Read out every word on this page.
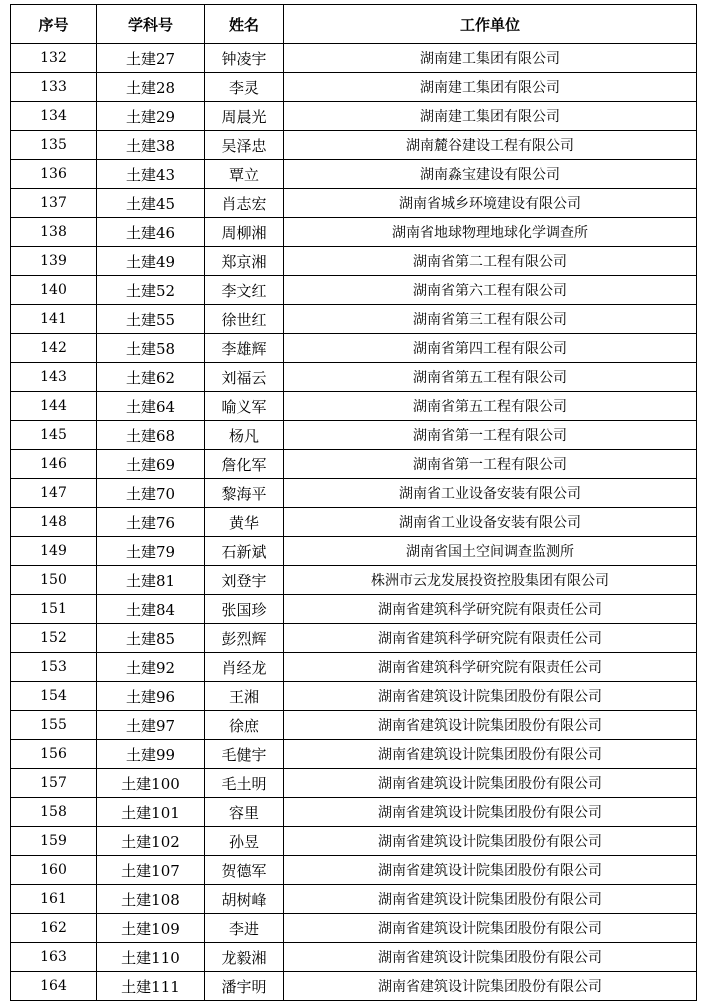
序号	学科号	姓名	工作单位
132	土建27	钟凌宇	湖南建工集团有限公司
133	土建28	李灵	湖南建工集团有限公司
134	土建29	周晨光	湖南建工集团有限公司
135	土建38	吴泽忠	湖南麓谷建设工程有限公司
136	土建43	覃立	湖南淼宝建设有限公司
137	土建45	肖志宏	湖南省城乡环境建设有限公司
138	土建46	周柳湘	湖南省地球物理地球化学调查所
139	土建49	郑京湘	湖南省第二工程有限公司
140	土建52	李文红	湖南省第六工程有限公司
141	土建55	徐世红	湖南省第三工程有限公司
142	土建58	李雄辉	湖南省第四工程有限公司
143	土建62	刘福云	湖南省第五工程有限公司
144	土建64	喻义军	湖南省第五工程有限公司
145	土建68	杨凡	湖南省第一工程有限公司
146	土建69	詹化军	湖南省第一工程有限公司
147	土建70	黎海平	湖南省工业设备安装有限公司
148	土建76	黄华	湖南省工业设备安装有限公司
149	土建79	石新斌	湖南省国土空间调查监测所
150	土建81	刘登宇	株洲市云龙发展投资控股集团有限公司
151	土建84	张国珍	湖南省建筑科学研究院有限责任公司
152	土建85	彭烈辉	湖南省建筑科学研究院有限责任公司
153	土建92	肖经龙	湖南省建筑科学研究院有限责任公司
154	土建96	王湘	湖南省建筑设计院集团股份有限公司
155	土建97	徐庶	湖南省建筑设计院集团股份有限公司
156	土建99	毛健宇	湖南省建筑设计院集团股份有限公司
157	土建100	毛土明	湖南省建筑设计院集团股份有限公司
158	土建101	容里	湖南省建筑设计院集团股份有限公司
159	土建102	孙昱	湖南省建筑设计院集团股份有限公司
160	土建107	贺德军	湖南省建筑设计院集团股份有限公司
161	土建108	胡树峰	湖南省建筑设计院集团股份有限公司
162	土建109	李进	湖南省建筑设计院集团股份有限公司
163	土建110	龙毅湘	湖南省建筑设计院集团股份有限公司
164	土建111	潘宇明	湖南省建筑设计院集团股份有限公司
